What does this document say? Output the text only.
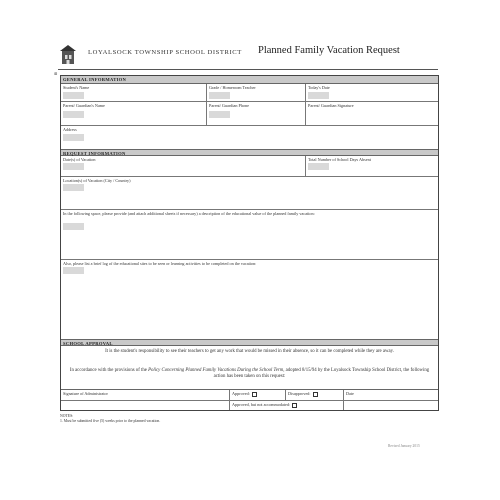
LOYALSOCK TOWNSHIP SCHOOL DISTRICT Planned Family Vacation Request
⊞
GENERAL INFORMATION
Student's Name	Grade / Homeroom Teacher	Today's Date
Parent/ Guardian's Name	Parent/ Guardian Phone	Parent/ Guardian Signature
Address
REQUEST INFORMATION
Date(s) of Vacation	Total Number of School Days Absent
Location(s) of Vacation (City / Country)
In the following space, please provide (and attach additional sheets if necessary) a description of the educational value of the planned family vacation:
Also, please list a brief log of the educational sites to be seen or learning activities to be completed on the vacation:
SCHOOL APPROVAL
It is the student's responsibility to see their teachers to get any work that would be missed in their absence, so it can be completed while they are away.
In accordance with the provisions of the Policy Concerning Planned Family Vacations During the School Term, adopted 8/15/94 by the Loyalsock Township School District, the following action has been taken on this request:
Signature of Administrator	Approved:	Disapproved:	Date
Approved, but not accommodated:
NOTES:
1. Must be submitted five (5) weeks prior to the planned vacation.
Revised January 2015
